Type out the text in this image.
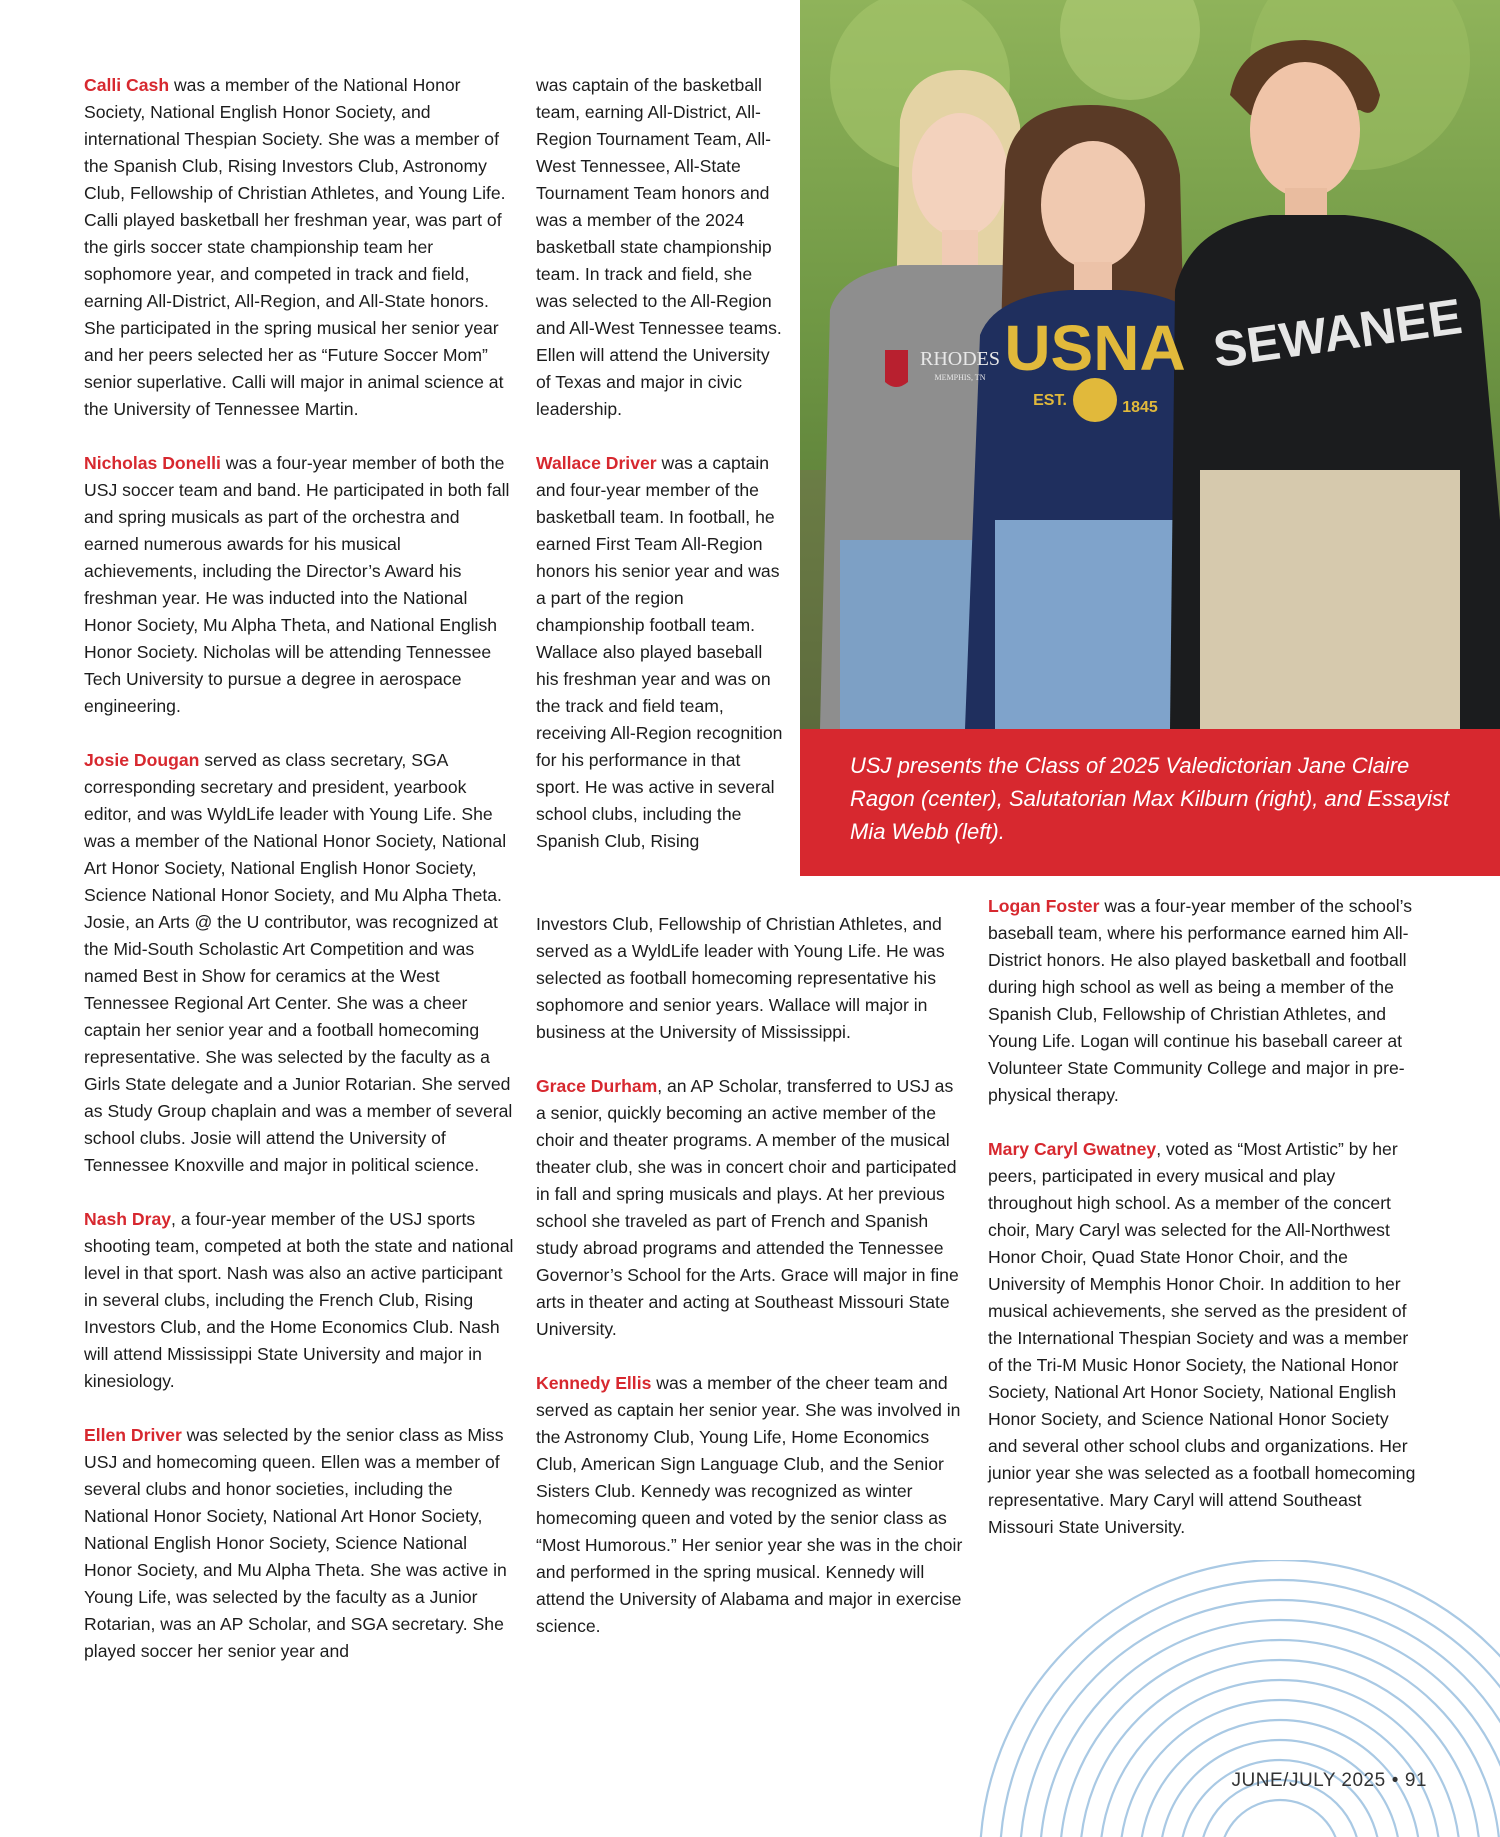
RHODES
MEMPHIS, TN USNA
EST.	1845
SEWANEE

USJ presents the Class of 2025 Valedictorian Jane Claire Ragon (center), Salutatorian Max Kilburn (right), and Essayist Mia Webb (left).

Calli Cash was a member of the National Honor Society, National English Honor Society, and international Thespian Society. She was a member of the Spanish Club, Rising Investors Club, Astronomy Club, Fellowship of Christian Athletes, and Young Life. Calli played basketball her freshman year, was part of the girls soccer state championship team her sophomore year, and competed in track and field, earning All-District, All-Region, and All-State honors. She participated in the spring musical her senior year and her peers selected her as “Future Soccer Mom” senior superlative. Calli will major in animal science at the University of Tennessee Martin.

Nicholas Donelli was a four-year member of both the USJ soccer team and band. He participated in both fall and spring musicals as part of the orchestra and earned numerous awards for his musical achievements, including the Director’s Award his freshman year. He was inducted into the National Honor Society, Mu Alpha Theta, and National English Honor Society. Nicholas will be attending Tennessee Tech University to pursue a degree in aerospace engineering.

Josie Dougan served as class secretary, SGA corresponding secretary and president, yearbook editor, and was WyldLife leader with Young Life. She was a member of the National Honor Society, National Art Honor Society, National English Honor Society, Science National Honor Society, and Mu Alpha Theta. Josie, an Arts @ the U contributor, was recognized at the Mid-South Scholastic Art Competition and was named Best in Show for ceramics at the West Tennessee Regional Art Center. She was a cheer captain her senior year and a football homecoming representative. She was selected by the faculty as a Girls State delegate and a Junior Rotarian. She served as Study Group chaplain and was a member of several school clubs. Josie will attend the University of Tennessee Knoxville and major in political science.

Nash Dray, a four-year member of the USJ sports shooting team, competed at both the state and national level in that sport. Nash was also an active participant in several clubs, including the French Club, Rising Investors Club, and the Home Economics Club. Nash will attend Mississippi State University and major in kinesiology.

Ellen Driver was selected by the senior class as Miss USJ and homecoming queen. Ellen was a member of several clubs and honor societies, including the National Honor Society, National Art Honor Society, National English Honor Society, Science National Honor Society, and Mu Alpha Theta. She was active in Young Life, was selected by the faculty as a Junior Rotarian, was an AP Scholar, and SGA secretary. She played soccer her senior year and

was captain of the basketball team, earning All-District, All-Region Tournament Team, All-West Tennessee, All-State Tournament Team honors and was a member of the 2024 basketball state championship team. In track and field, she was selected to the All-Region and All-West Tennessee teams. Ellen will attend the University of Texas and major in civic leadership.

Wallace Driver was a captain and four-year member of the basketball team. In football, he earned First Team All-Region honors his senior year and was a part of the region championship football team. Wallace also played baseball his freshman year and was on the track and field team, receiving All-Region recognition for his performance in that sport. He was active in several school clubs, including the Spanish Club, Rising

Investors Club, Fellowship of Christian Athletes, and served as a WyldLife leader with Young Life. He was selected as football homecoming representative his sophomore and senior years. Wallace will major in business at the University of Mississippi.

Grace Durham, an AP Scholar, transferred to USJ as a senior, quickly becoming an active member of the choir and theater programs. A member of the musical theater club, she was in concert choir and participated in fall and spring musicals and plays. At her previous school she traveled as part of French and Spanish study abroad programs and attended the Tennessee Governor’s School for the Arts. Grace will major in fine arts in theater and acting at Southeast Missouri State University.

Kennedy Ellis was a member of the cheer team and served as captain her senior year. She was involved in the Astronomy Club, Young Life, Home Economics Club, American Sign Language Club, and the Senior Sisters Club. Kennedy was recognized as winter homecoming queen and voted by the senior class as “Most Humorous.” Her senior year she was in the choir and performed in the spring musical. Kennedy will attend the University of Alabama and major in exercise science.

Logan Foster was a four-year member of the school’s baseball team, where his performance earned him All-District honors. He also played basketball and football during high school as well as being a member of the Spanish Club, Fellowship of Christian Athletes, and Young Life. Logan will continue his baseball career at Volunteer State Community College and major in pre-physical therapy.

Mary Caryl Gwatney, voted as “Most Artistic” by her peers, participated in every musical and play throughout high school. As a member of the concert choir, Mary Caryl was selected for the All-Northwest Honor Choir, Quad State Honor Choir, and the University of Memphis Honor Choir. In addition to her musical achievements, she served as the president of the International Thespian Society and was a member of the Tri-M Music Honor Society, the National Honor Society, National Art Honor Society, National English Honor Society, and Science National Honor Society and several other school clubs and organizations. Her junior year she was selected as a football homecoming representative. Mary Caryl will attend Southeast Missouri State University.

JUNE/JULY 2025 • 91
